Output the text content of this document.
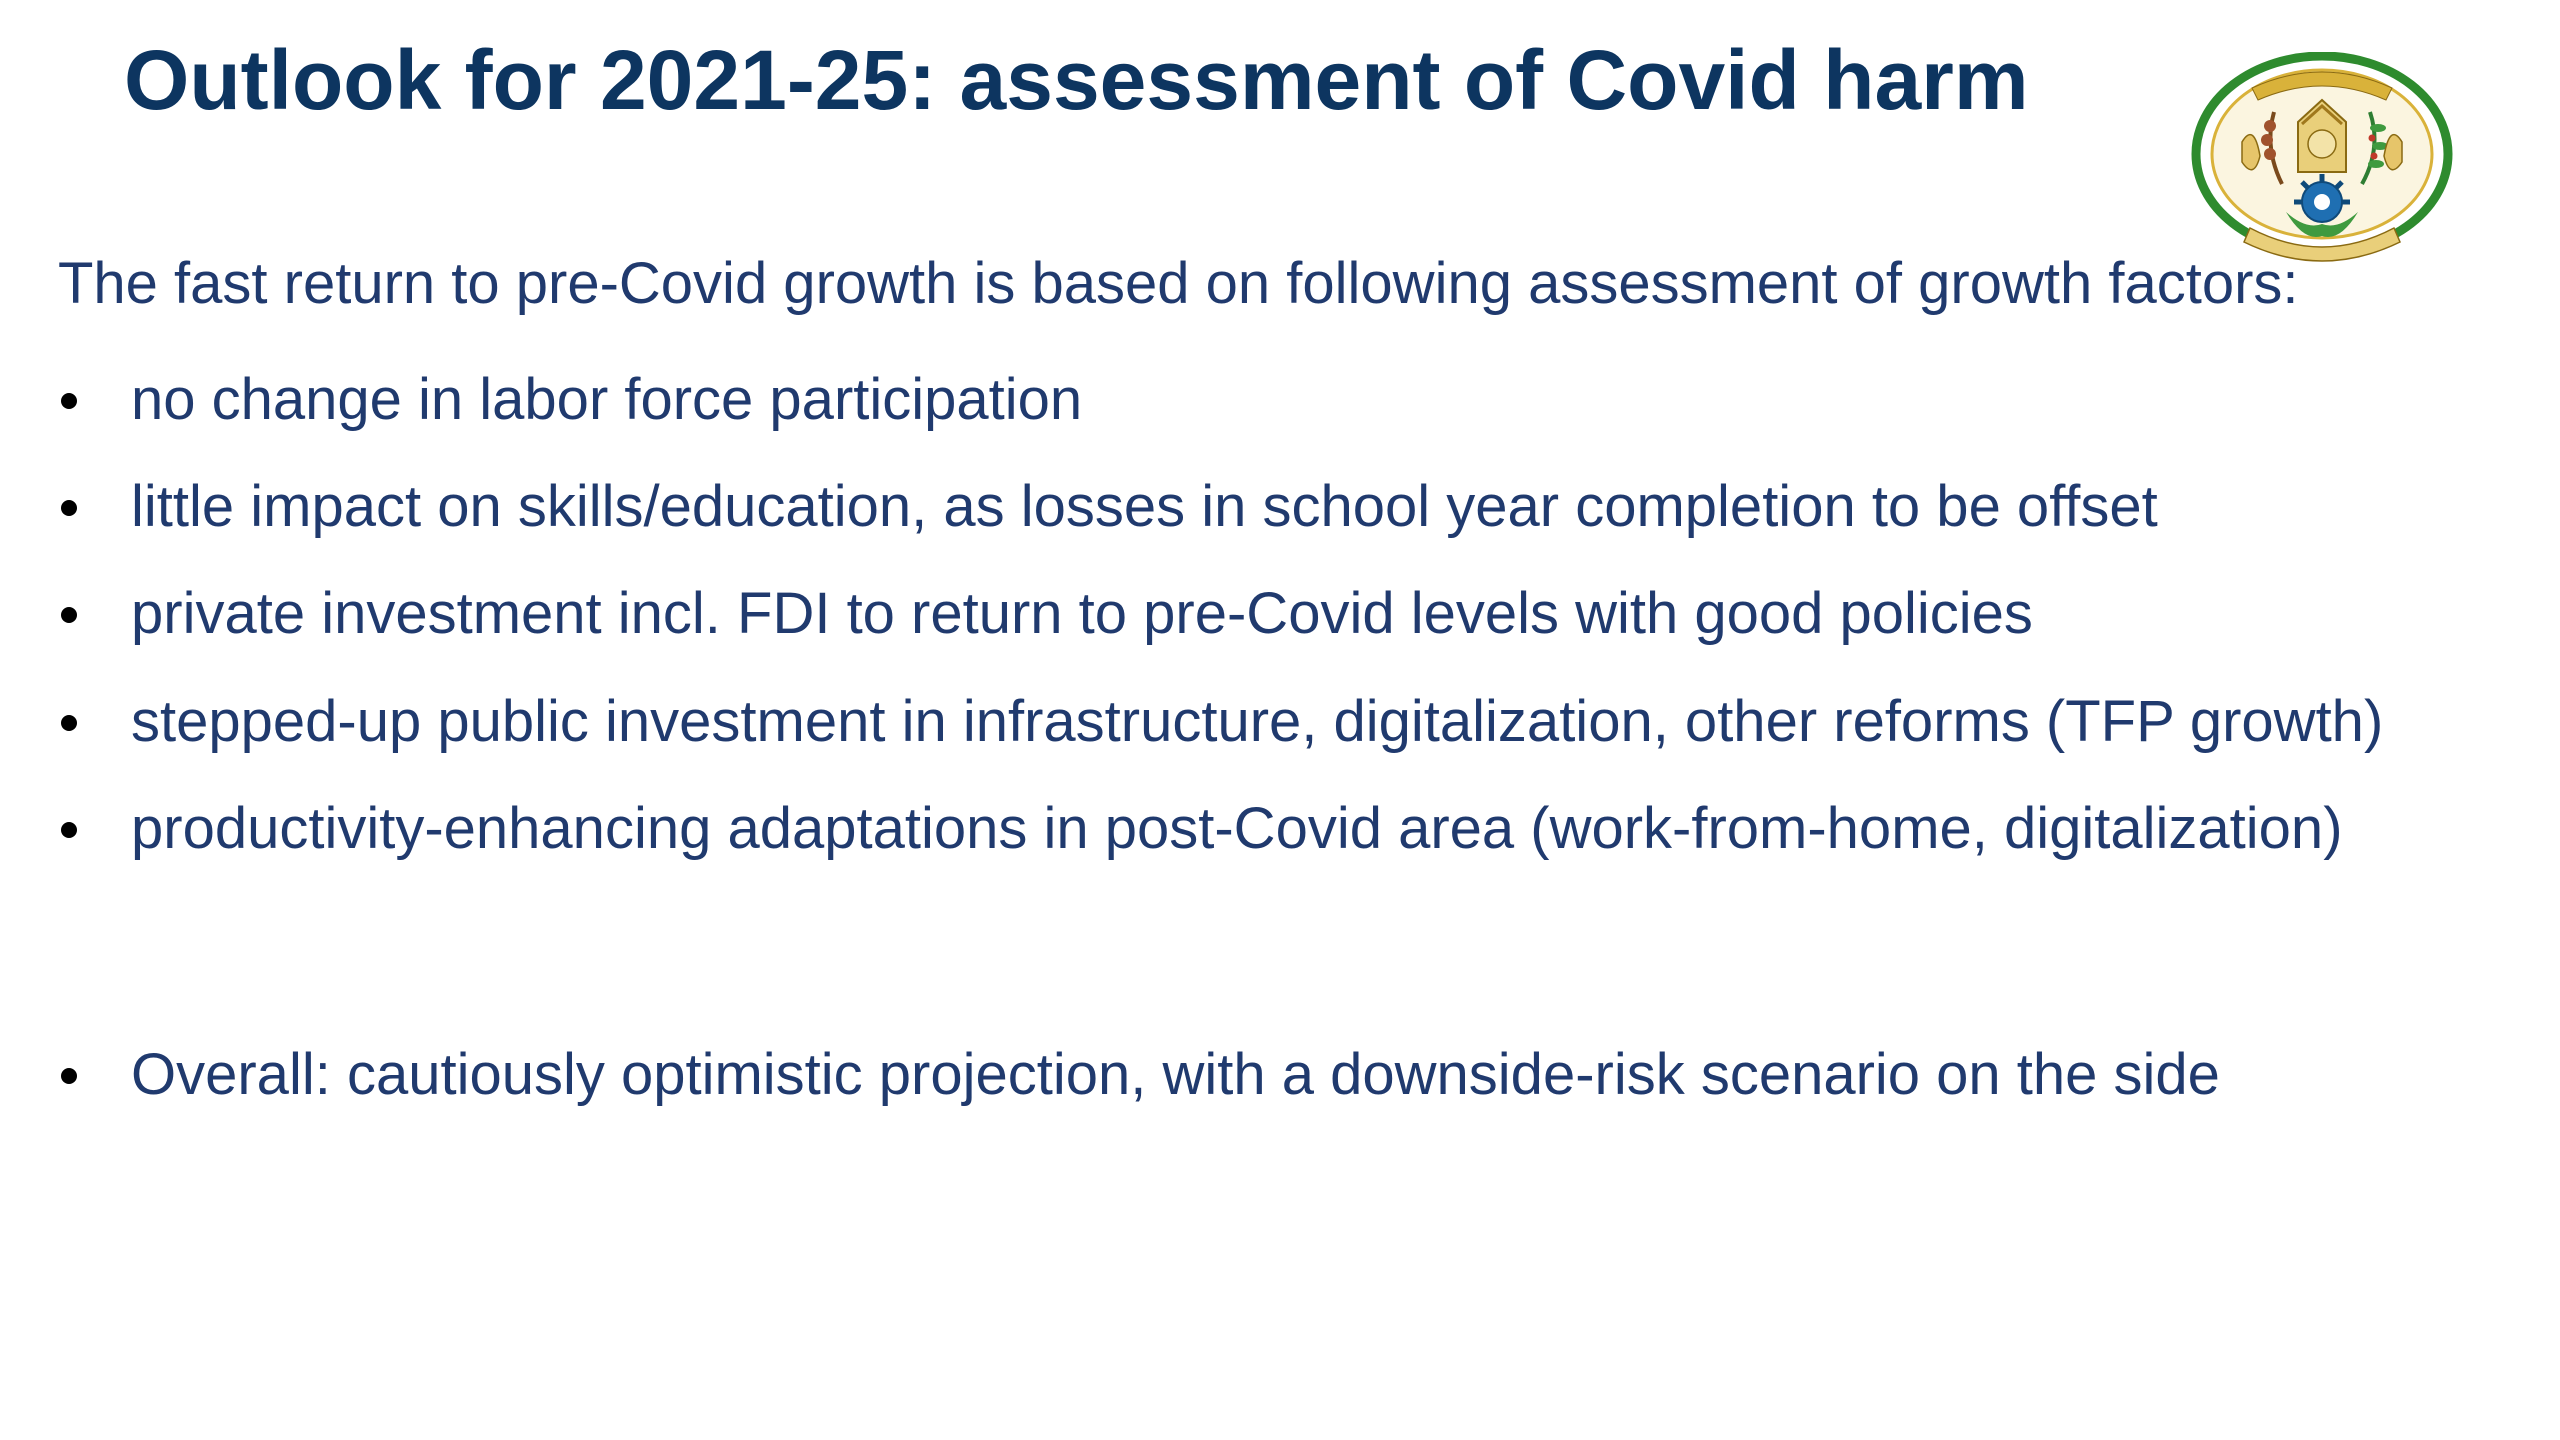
Outlook for 2021-25: assessment of Covid harm

The fast return to pre-Covid growth is based on following assessment of growth factors:

no change in labor force participation
little impact on skills/education, as losses in school year completion to be offset
private investment incl. FDI to return to pre-Covid levels with good policies
stepped-up public investment in infrastructure, digitalization, other reforms (TFP growth)
productivity-enhancing adaptations in post-Covid area (work-from-home, digitalization)
Overall: cautiously optimistic projection, with a downside-risk scenario on the side
